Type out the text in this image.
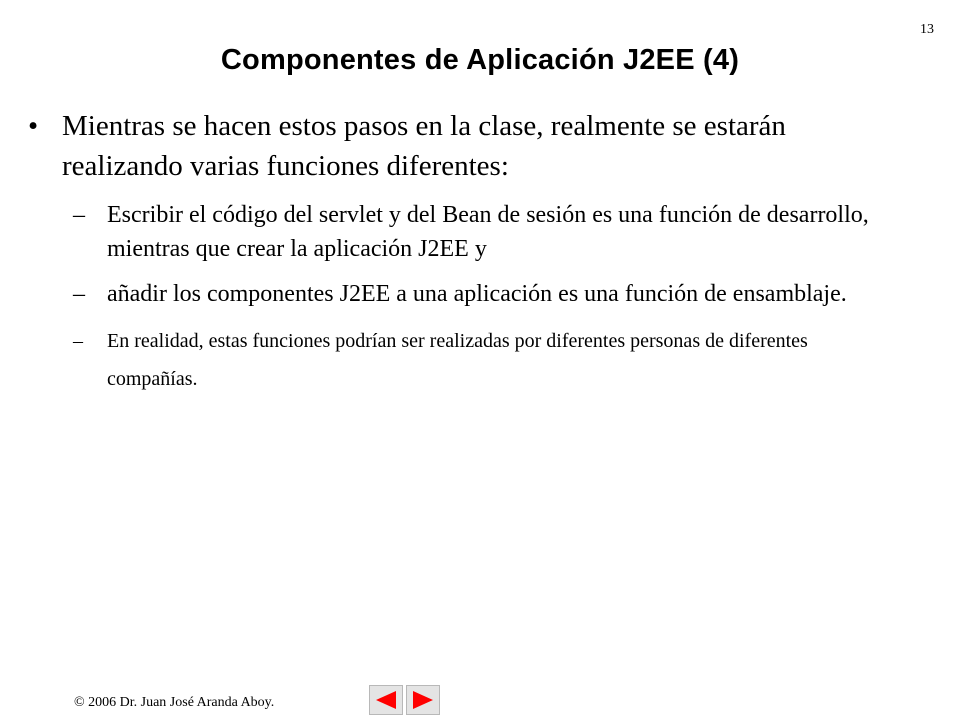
13
Componentes de Aplicación J2EE (4)
• Mientras se hacen estos pasos en la clase, realmente se estarán realizando varias funciones diferentes:
– Escribir el código del servlet y del Bean de sesión es una función de desarrollo, mientras que crear la aplicación J2EE y
– añadir los componentes J2EE a una aplicación es una función de ensamblaje.
–	En realidad, estas funciones podrían ser realizadas por diferentes personas de diferentes compañías.
© 2006 Dr. Juan José Aranda Aboy.
